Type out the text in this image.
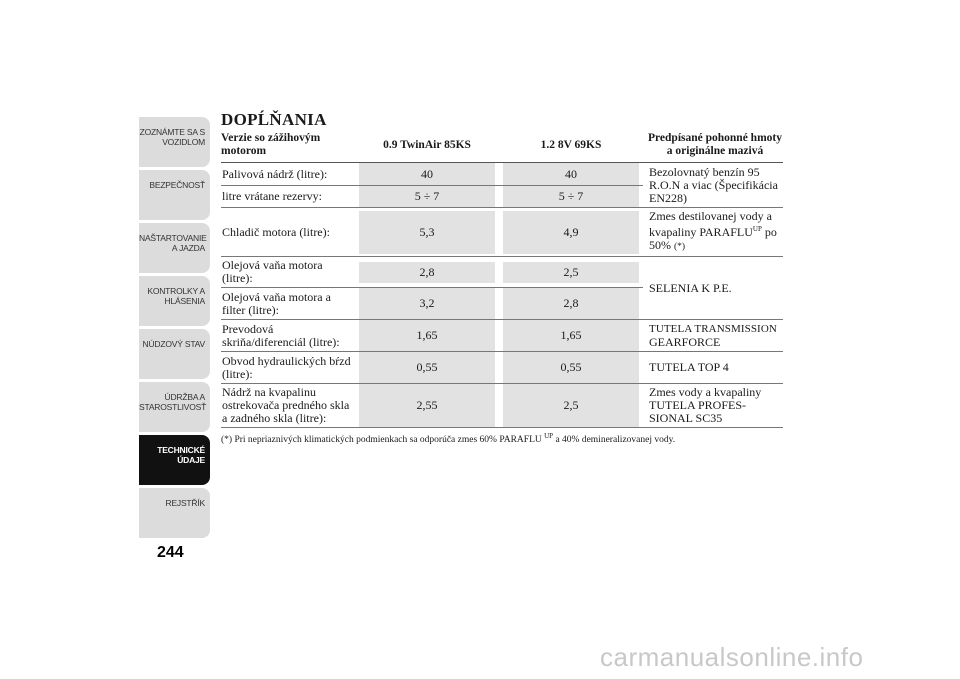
ZOZNÁMTE SA S
VOZIDLOM
BEZPEČNOSŤ
NAŠTARTOVANIE
A JAZDA
KONTROLKY A
HLÁSENIA
NÚDZOVÝ STAV
ÚDRŽBA A
STAROSTLIVOSŤ
TECHNICKÉ
ÚDAJE
REJSTŘÍK
244
DOPĹŇANIA
Verzie so zážihovým motorom	0.9 TwinAir 85KS	1.2 8V 69KS	Predpísané pohonné hmoty a originálne mazivá
Palivová nádrž (litre):	40	40	Bezolovnatý benzín 95 R.O.N a viac (Špecifikácia EN228)
litre vrátane rezervy:	5 ÷ 7	5 ÷ 7	

Chladič motora (litre):	5,3	4,9	Zmes destilovanej vody a kvapaliny $PARAFLU^{UP}$ po 50% (*)
Olejová vaňa motora (litre):	2,8	2,5	SELENIA K P.E.
Olejová vaňa motora a filter (litre):	3,2	2,8	

Prevodová skriňa/diferenciál (litre):	1,65	1,65	TUTELA TRANSMISSION
GEARFORCE
Obvod hydraulických bŕzd (litre):	0,55	0,55	TUTELA TOP 4
Nádrž na kvapalinu ostrekovača predného skla a zadného skla (litre):	2,55	2,5	Zmes vody a kvapaliny TUTELA PROFES- SIONAL SC35
(*) Pri nepriaznivých klimatických podmienkach sa odporúča zmes 60% PARAFLU $^{UP}$ a 40% demineralizovanej vody.
carmanualsonline.info
